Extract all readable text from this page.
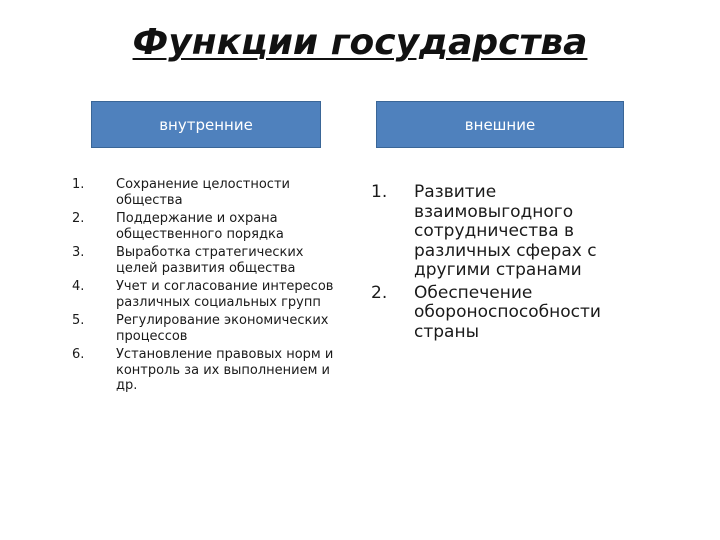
Функции государства
внутренние	внешние
1. Сохранение целостности общества
2. Поддержание и охрана общественного порядка
3. Выработка стратегических целей развития общества
4. Учет и согласование интересов различных социальных групп
5. Регулирование экономических процессов
6. Установление правовых норм и контроль за их выполнением и др.
1. Развитие взаимовыгодного сотрудничества в различных сферах с другими странами
2. Обеспечение обороноспособности страны
